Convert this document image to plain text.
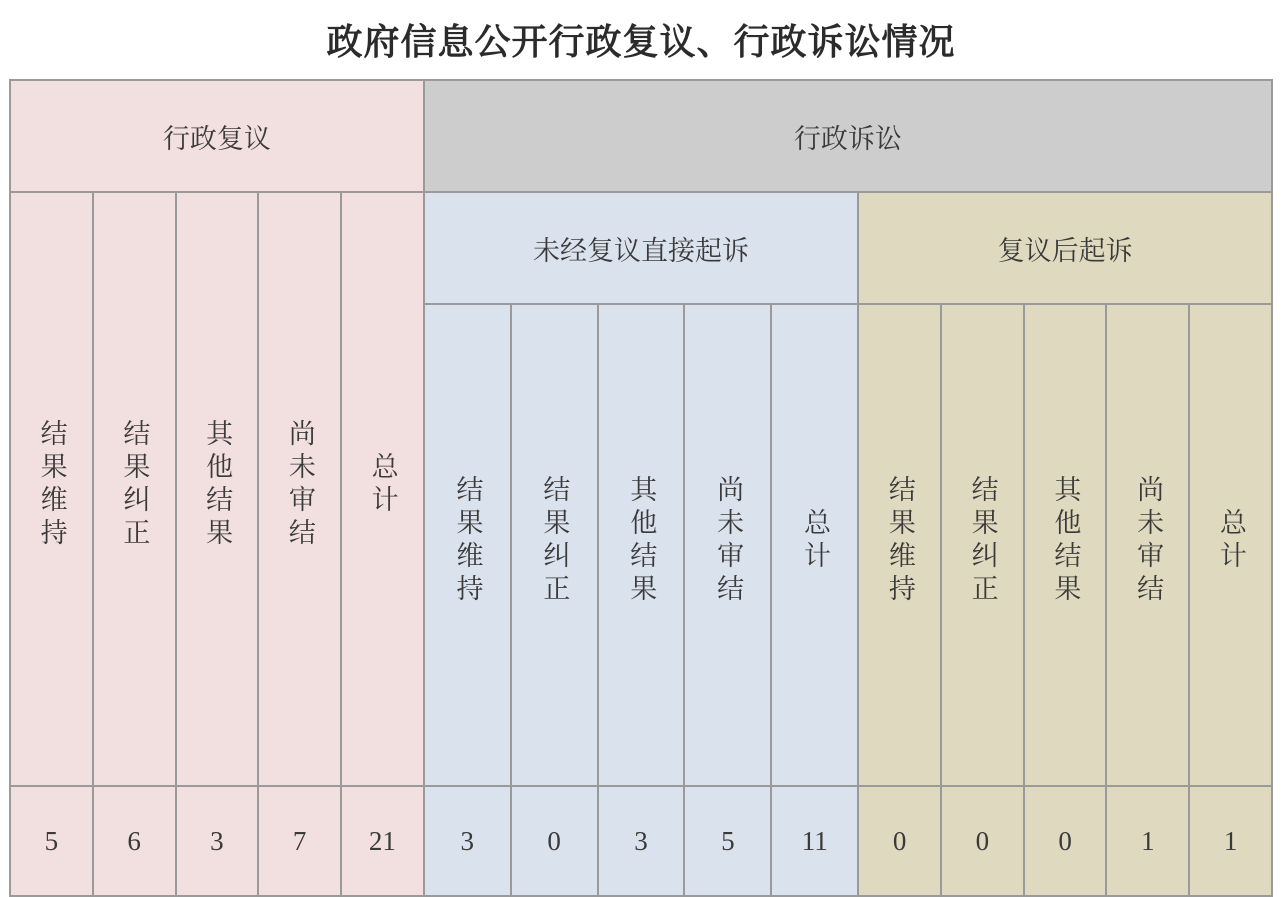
政府信息公开行政复议、行政诉讼情况
行政复议					行政诉讼									
结果维持	结果纠正	其他结果	尚未审结	总计	未经复议直接起诉					复议后起诉				
					结果维持	结果纠正	其他结果	尚未审结	总计	结果维持	结果纠正	其他结果	尚未审结	总计
5	6	3	7	21	3	0	3	5	11	0	0	0	1	1
